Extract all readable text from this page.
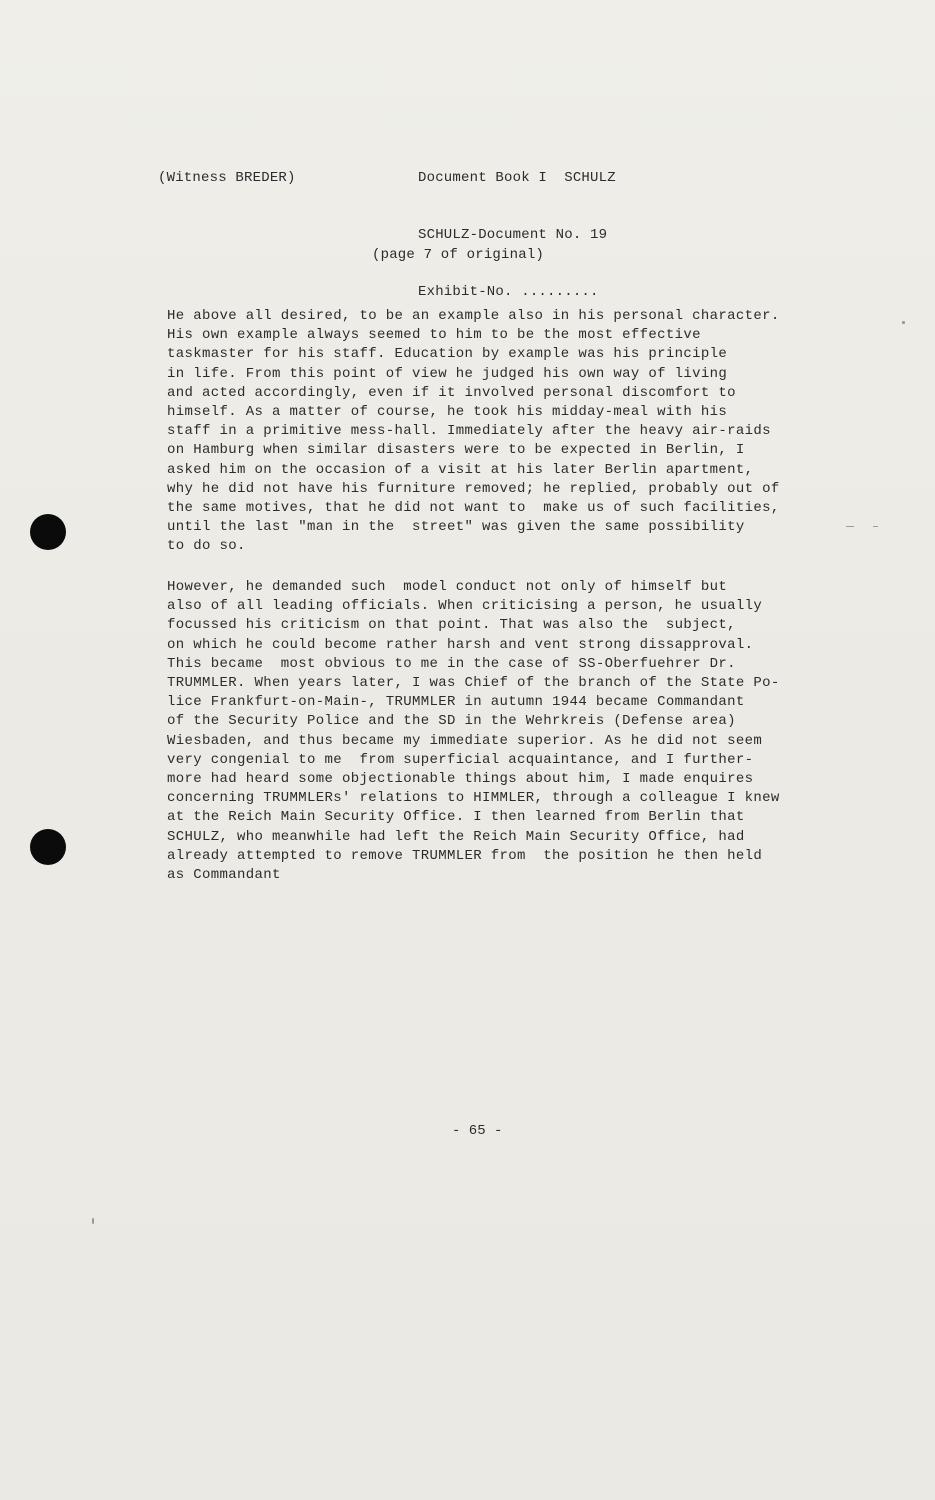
Document Book I  SCHULZ

SCHULZ-Document No. 19

Exhibit-No. .........

(Witness BREDER)
(page 7 of original)
He above all desired, to be an example also in his personal character.
His own example always seemed to him to be the most effective
taskmaster for his staff. Education by example was his principle
in life. From this point of view he judged his own way of living
and acted accordingly, even if it involved personal discomfort to
himself. As a matter of course, he took his midday-meal with his
staff in a primitive mess-hall. Immediately after the heavy air-raids
on Hamburg when similar disasters were to be expected in Berlin, I
asked him on the occasion of a visit at his later Berlin apartment,
why he did not have his furniture removed; he replied, probably out of
the same motives, that he did not want to  make us of such facilities,
until the last "man in the  street" was given the same possibility
to do so.
However, he demanded such  model conduct not only of himself but
also of all leading officials. When criticising a person, he usually
focussed his criticism on that point. That was also the  subject,
on which he could become rather harsh and vent strong dissapproval.
This became  most obvious to me in the case of SS-Oberfuehrer Dr.
TRUMMLER. When years later, I was Chief of the branch of the State Po-
lice Frankfurt-on-Main-, TRUMMLER in autumn 1944 became Commandant
of the Security Police and the SD in the Wehrkreis (Defense area)
Wiesbaden, and thus became my immediate superior. As he did not seem
very congenial to me  from superficial acquaintance, and I further-
more had heard some objectionable things about him, I made enquires
concerning TRUMMLERs' relations to HIMMLER, through a colleague I knew
at the Reich Main Security Office. I then learned from Berlin that
SCHULZ, who meanwhile had left the Reich Main Security Office, had
already attempted to remove TRUMMLER from  the position he then held
as Commandant
- 65 -
